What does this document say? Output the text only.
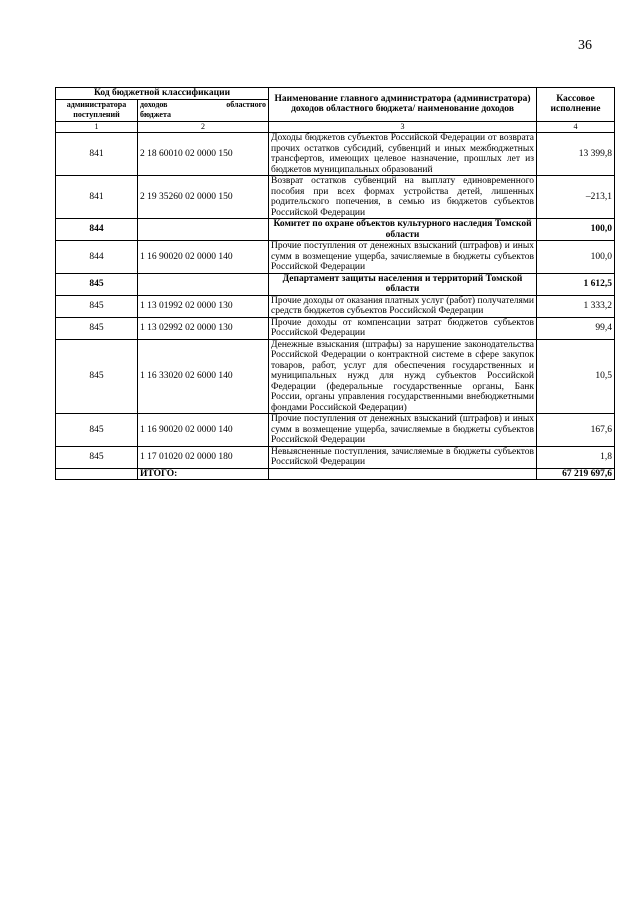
36
Код бюджетной классификации		Наименование главного администратора (администратора) доходов областного бюджета/ наименование доходов	Кассовое исполнение
администратора поступлений	доходов областного
бюджета		

1	2	3	4
841	2 18 60010 02 0000 150	Доходы бюджетов субъектов Российской Федерации от возврата прочих остатков субсидий, субвенций и иных межбюджетных трансфертов, имеющих целевое назначение, прошлых лет из бюджетов муниципальных образований	13 399,8
841	2 19 35260 02 0000 150	Возврат остатков субвенций на выплату единовременного пособия при всех формах устройства детей, лишенных родительского попечения, в семью из бюджетов субъектов Российской Федерации	–213,1
844		Комитет по охране объектов культурного наследия Томской области	100,0
844	1 16 90020 02 0000 140	Прочие поступления от денежных взысканий (штрафов) и иных сумм в возмещение ущерба, зачисляемые в бюджеты субъектов Российской Федерации	100,0
845		Департамент защиты населения и территорий Томской области	1 612,5
845	1 13 01992 02 0000 130	Прочие доходы от оказания платных услуг (работ) получателями средств бюджетов субъектов Российской Федерации	1 333,2
845	1 13 02992 02 0000 130	Прочие доходы от компенсации затрат бюджетов субъектов Российской Федерации	99,4
845	1 16 33020 02 6000 140	Денежные взыскания (штрафы) за нарушение законодательства Российской Федерации о контрактной системе в сфере закупок товаров, работ, услуг для обеспечения государственных и муниципальных нужд для нужд субъектов Российской Федерации (федеральные государственные органы, Банк России, органы управления государственными внебюджетными фондами Российской Федерации)	10,5
845	1 16 90020 02 0000 140	Прочие поступления от денежных взысканий (штрафов) и иных сумм в возмещение ущерба, зачисляемые в бюджеты субъектов Российской Федерации	167,6
845	1 17 01020 02 0000 180	Невыясненные поступления, зачисляемые в бюджеты субъектов Российской Федерации	1,8
	ИТОГО:		67 219 697,6
